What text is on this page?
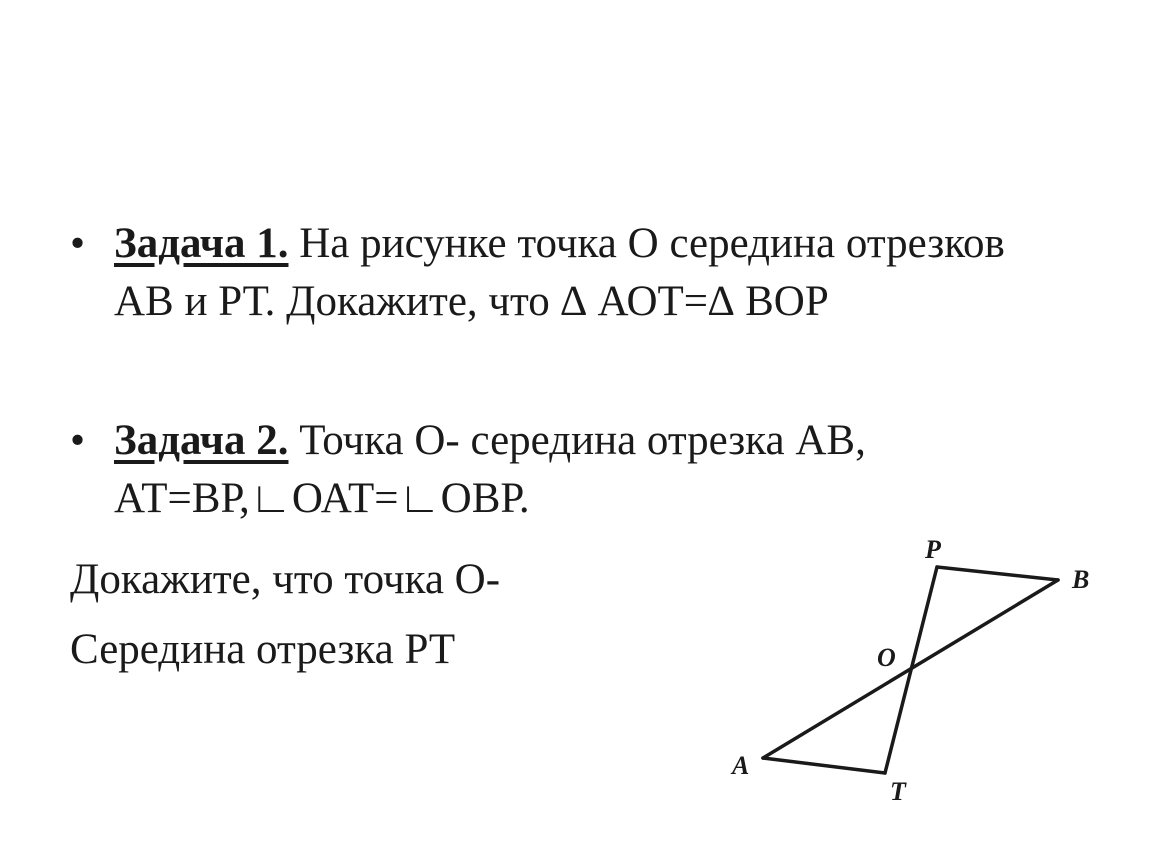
• Задача 1. На рисунке точка О середина отрезков АВ и РТ. Докажите, что ∆ АОТ=∆ ВОР
• Задача 2. Точка О- середина отрезка АВ, АТ=ВР,∟ОАТ=∟ОВР.
Докажите, что точка О-
Середина отрезка РТ
P
B
O
A
T
